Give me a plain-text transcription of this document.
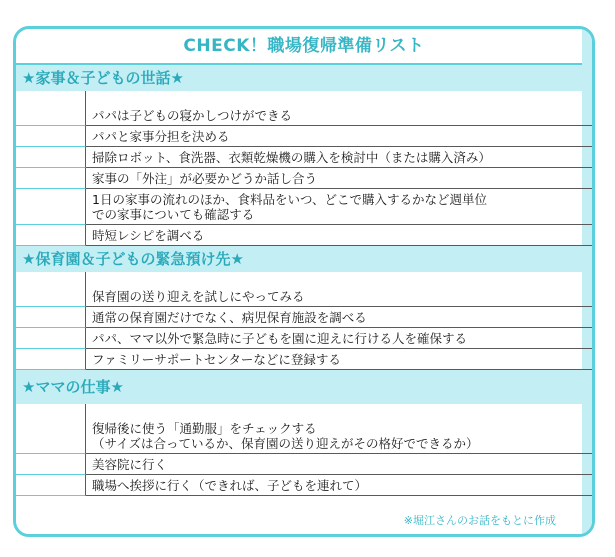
CHECK！職場復帰準備リスト
★家事＆子どもの世話★
パパは子どもの寝かしつけができる
パパと家事分担を決める
掃除ロボット、食洗器、衣類乾燥機の購入を検討中（または購入済み）
家事の「外注」が必要かどうか話し合う
1日の家事の流れのほか、食料品をいつ、どこで購入するかなど週単位
での家事についても確認する
時短レシピを調べる
★保育園＆子どもの緊急預け先★
保育園の送り迎えを試しにやってみる
通常の保育園だけでなく、病児保育施設を調べる
パパ、ママ以外で緊急時に子どもを園に迎えに行ける人を確保する
ファミリーサポートセンターなどに登録する
★ママの仕事★
復帰後に使う「通勤服」をチェックする
（サイズは合っているか、保育園の送り迎えがその格好でできるか）
美容院に行く
職場へ挨拶に行く（できれば、子どもを連れて）
※堀江さんのお話をもとに作成
